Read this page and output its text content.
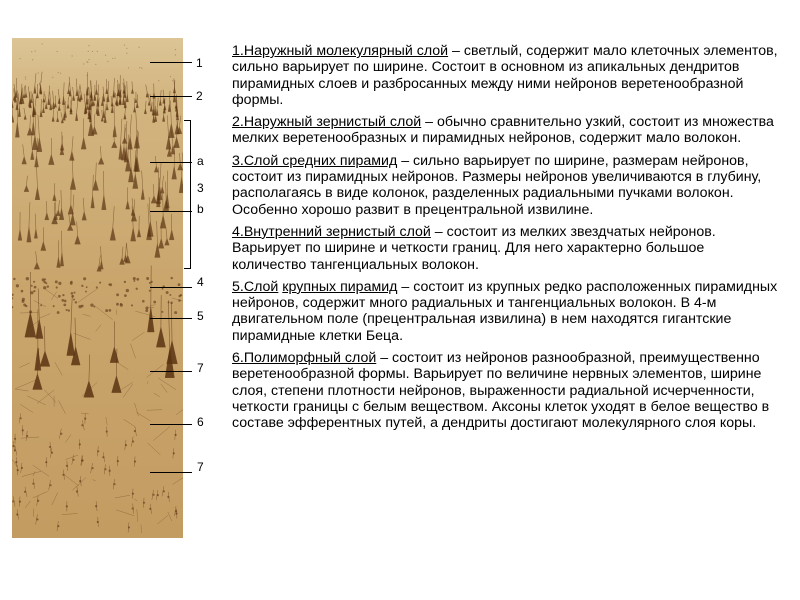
1
2
a
3
b
4
5
7
6
7

1.Наружный молекулярный слой – светлый, содержит мало клеточных элементов, сильно варьирует по ширине. Состоит в основном из апикальных дендритов пирамидных слоев и разбросанных между ними нейронов веретенообразной формы.

2.Наружный зернистый слой – обычно сравнительно узкий, состоит из множества мелких веретенообразных и пирамидных нейронов, содержит мало волокон.

3.Слой средних пирамид – сильно варьирует по ширине, размерам нейронов, состоит из пирамидных нейронов. Размеры нейронов увеличиваются в глубину, располагаясь в виде колонок, разделенных радиальными пучками волокон. Особенно хорошо развит в прецентральной извилине.

4.Внутренний зернистый слой – состоит из мелких звездчатых нейронов. Варьирует по ширине и четкости границ. Для него характерно большое количество тангенциальных волокон.

5.Слой крупных пирамид – состоит из крупных редко расположенных пирамидных нейронов, содержит много радиальных и тангенциальных волокон. В 4-м двигательном поле (прецентральная извилина) в нем находятся гигантские пирамидные клетки Беца.

6.Полиморфный слой – состоит из нейронов разнообразной, преимущественно веретенообразной формы. Варьирует по величине нервных элементов, ширине слоя, степени плотности нейронов, выраженности радиальной исчерченности, четкости границы с белым веществом. Аксоны клеток уходят в белое вещество в составе эфферентных путей, а дендриты достигают молекулярного слоя коры.
